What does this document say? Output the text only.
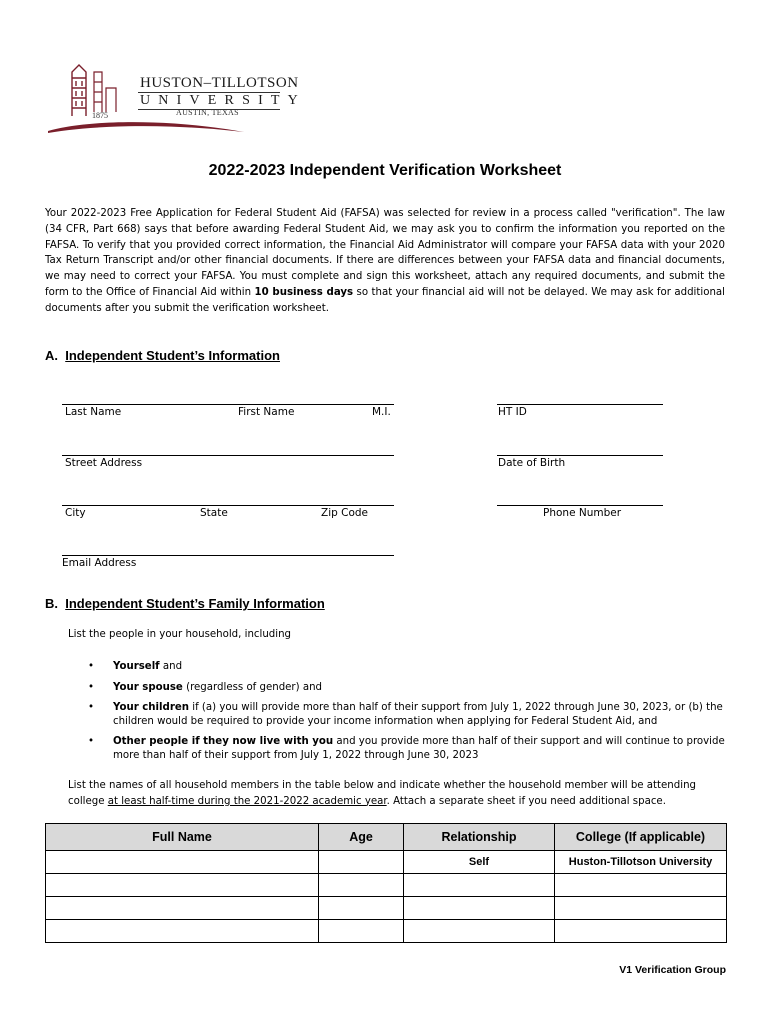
HUSTON–TILLOTSON
UNIVERSITY
1875	AUSTIN, TEXAS
2022-2023 Independent Verification Worksheet
Your 2022-2023 Free Application for Federal Student Aid (FAFSA) was selected for review in a process called "verification". The law (34 CFR, Part 668) says that before awarding Federal Student Aid, we may ask you to confirm the information you reported on the FAFSA. To verify that you provided correct information, the Financial Aid Administrator will compare your FAFSA data with your 2020 Tax Return Transcript and/or other financial documents. If there are differences between your FAFSA data and financial documents, we may need to correct your FAFSA. You must complete and sign this worksheet, attach any required documents, and submit the form to the Office of Financial Aid within 10 business days so that your financial aid will not be delayed. We may ask for additional documents after you submit the verification worksheet.
A. Independent Student’s Information
Last Name	First Name	M.I.	HT ID
Street Address	Date of Birth
City	State	Zip Code	Phone Number
Email Address
B. Independent Student’s Family Information
List the people in your household, including
• Yourself and
• Your spouse (regardless of gender) and
• Your children if (a) you will provide more than half of their support from July 1, 2022 through June 30, 2023, or (b) the children would be required to provide your income information when applying for Federal Student Aid, and
• Other people if they now live with you and you provide more than half of their support and will continue to provide more than half of their support from July 1, 2022 through June 30, 2023
List the names of all household members in the table below and indicate whether the household member will be attending college at least half-time during the 2021-2022 academic year. Attach a separate sheet if you need additional space.
Full Name	Age	Relationship	College (If applicable)
		Self	Huston-Tillotson University

V1 Verification Group
